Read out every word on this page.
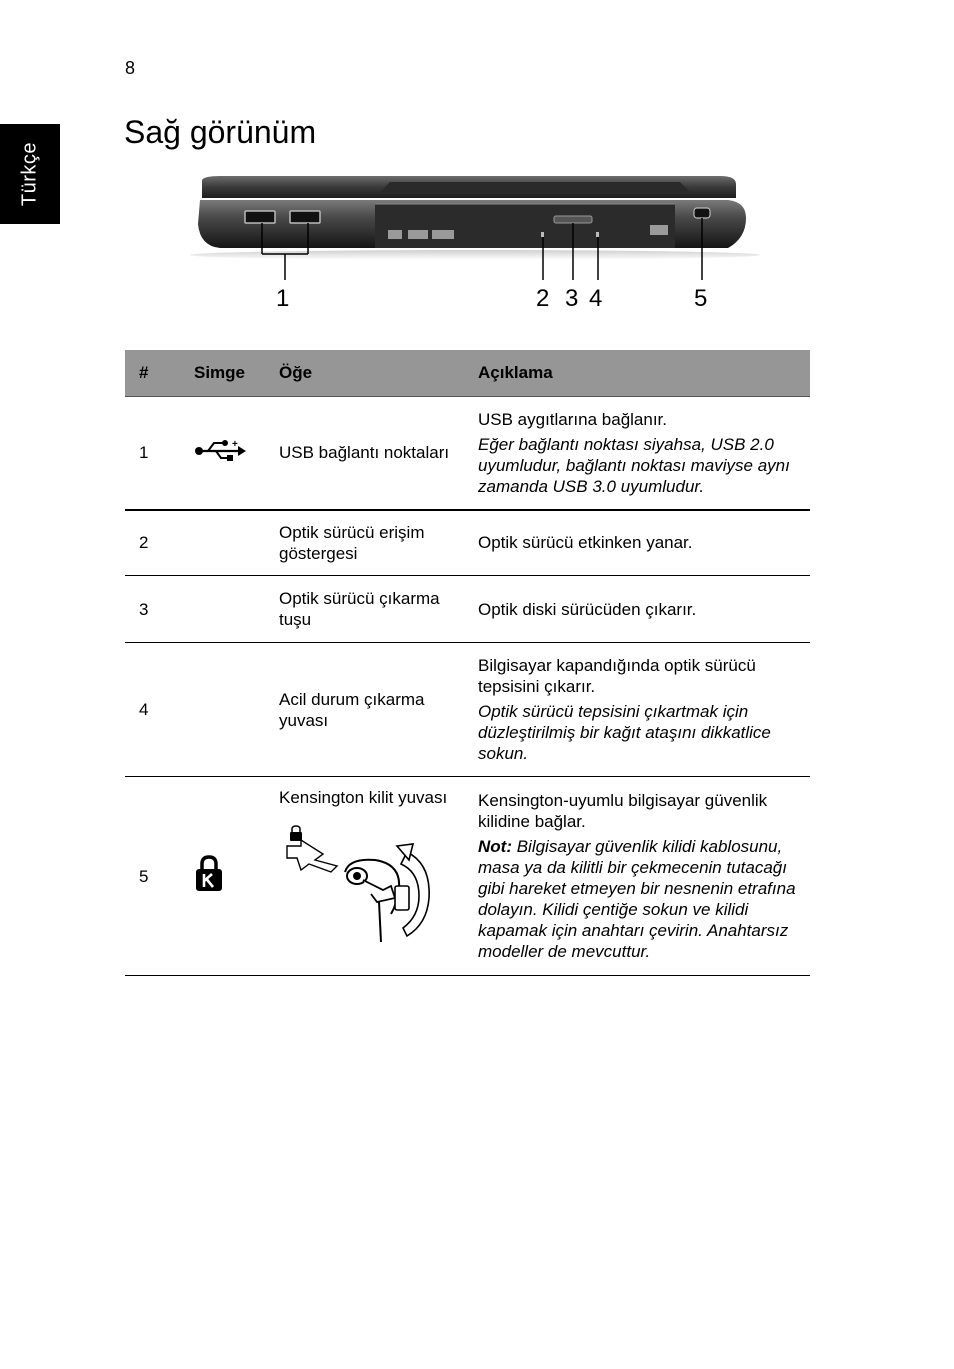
8
Türkçe
Sağ görünüm
1	2 3 4	5
#	Simge	Öğe	Açıklama
1	+	USB bağlantı noktaları	USB aygıtlarına bağlanır.

Eğer bağlantı noktası siyahsa, USB 2.0 uyumludur, bağlantı noktası maviyse aynı zamanda USB 3.0 uyumludur.

2		Optik sürücü erişim göstergesi	Optik sürücü etkinken yanar.
3		Optik sürücü çıkarma tuşu	Optik diski sürücüden çıkarır.
4		Acil durum çıkarma yuvası	Bilgisayar kapandığında optik sürücü tepsisini çıkarır.

Optik sürücü tepsisini çıkartmak için düzleştirilmiş bir kağıt ataşını dikkatlice sokun.

5		Kensington kilit yuvası	Kensington-uyumlu bilgisayar güvenlik kilidine bağlar.

Not: Bilgisayar güvenlik kilidi kablosunu, masa ya da kilitli bir çekmecenin tutacağı gibi hareket etmeyen bir nesnenin etrafına dolayın. Kilidi çentiğe sokun ve kilidi kapamak için anahtarı çevirin. Anahtarsız modeller de mevcuttur.
